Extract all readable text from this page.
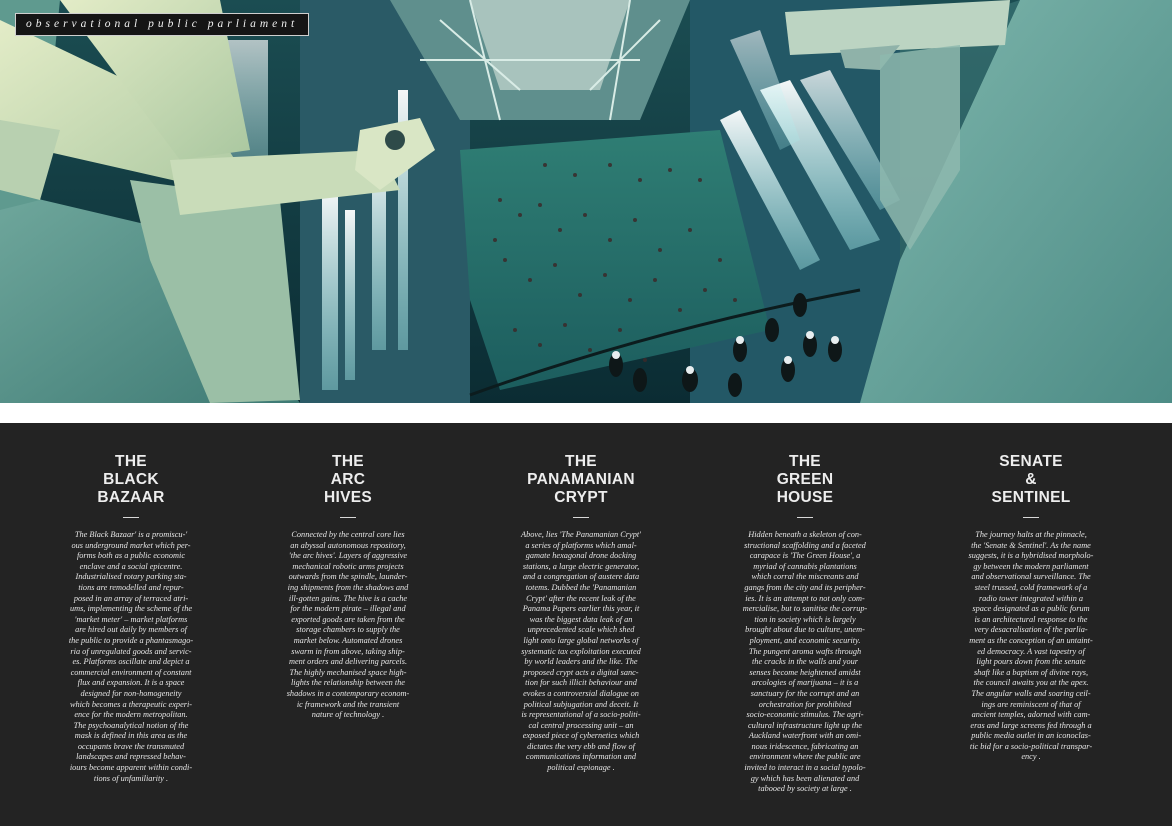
observational public parliament
THE
BLACK
BAZAAR

The Black Bazaar' is a promiscu-'
ous underground market which per-
forms both as a public economic
enclave and a social epicentre.
Industrialised rotary parking sta-
tions are remodelled and repur-
posed in an array of terraced atri-
ums, implementing the scheme of the
'market meter' – market platforms
are hired out daily by members of
the public to provide a phantasmago-
ria of unregulated goods and servic-
es. Platforms oscillate and depict a
commercial environment of constant
flux and expansion. It is a space
designed for non-homogeneity
which becomes a therapeutic experi-
ence for the modern metropolitan.
The psychoanalytical notion of the
mask is defined in this area as the
occupants brave the transmuted
landscapes and repressed behav-
iours become apparent within condi-
tions of unfamiliarity .

THE
ARC
HIVES

Connected by the central core lies
an abyssal autonomous repository,
'the arc hives'. Layers of aggressive
mechanical robotic arms projects
outwards from the spindle, launder-
ing shipments from the shadows and
ill-gotten gains. The hive is a cache
for the modern pirate – illegal and
exported goods are taken from the
storage chambers to supply the
market below. Automated drones
swarm in from above, taking ship-
ment orders and delivering parcels.
The highly mechanised space high-
lights the relationship between the
shadows in a contemporary econom-
ic framework and the transient
nature of technology .

THE
PANAMANIAN
CRYPT

Above, lies 'The Panamanian Crypt'
a series of platforms which amal-
gamate hexagonal drone docking
stations, a large electric generator,
and a congregation of austere data
totems. Dubbed the 'Panamanian
Crypt' after the recent leak of the
Panama Papers earlier this year, it
was the biggest data leak of an
unprecedented scale which shed
light onto large global networks of
systematic tax exploitation executed
by world leaders and the like. The
proposed crypt acts a digital sanc-
tion for such illicit behaviour and
evokes a controversial dialogue on
political subjugation and deceit. It
is representational of a socio-politi-
cal central processing unit – an
exposed piece of cybernetics which
dictates the very ebb and flow of
communications information and
political espionage .

THE
GREEN
HOUSE

Hidden beneath a skeleton of con-
structional scaffolding and a faceted
carapace is 'The Green House', a
myriad of cannabis plantations
which corral the miscreants and
gangs from the city and its peripher-
ies. It is an attempt to not only com-
mercialise, but to sanitise the corrup-
tion in society which is largely
brought about due to culture, unem-
ployment, and economic security.
The pungent aroma wafts through
the cracks in the walls and your
senses become heightened amidst
arcologies of marijuana – it is a
sanctuary for the corrupt and an
orchestration for prohibited
socio-economic stimulus. The agri-
cultural infrastructure light up the
Auckland waterfront with an omi-
nous iridescence, fabricating an
environment where the public are
invited to interact in a social typolo-
gy which has been alienated and
tabooed by society at large .

SENATE
&
SENTINEL

The journey halts at the pinnacle,
the 'Senate & Sentinel'. As the name
suggests, it is a hybridised morpholo-
gy between the modern parliament
and observational surveillance. The
steel trussed, cold framework of a
radio tower integrated within a
space designated as a public forum
is an architectural response to the
very desacralisation of the parlia-
ment as the conception of an untaint-
ed democracy. A vast tapestry of
light pours down from the senate
shaft like a baptism of divine rays,
the council awaits you at the apex.
The angular walls and soaring ceil-
ings are reminiscent of that of
ancient temples, adorned with cam-
eras and large screens fed through a
public media outlet in an iconoclas-
tic bid for a socio-political transpar-
ency .
